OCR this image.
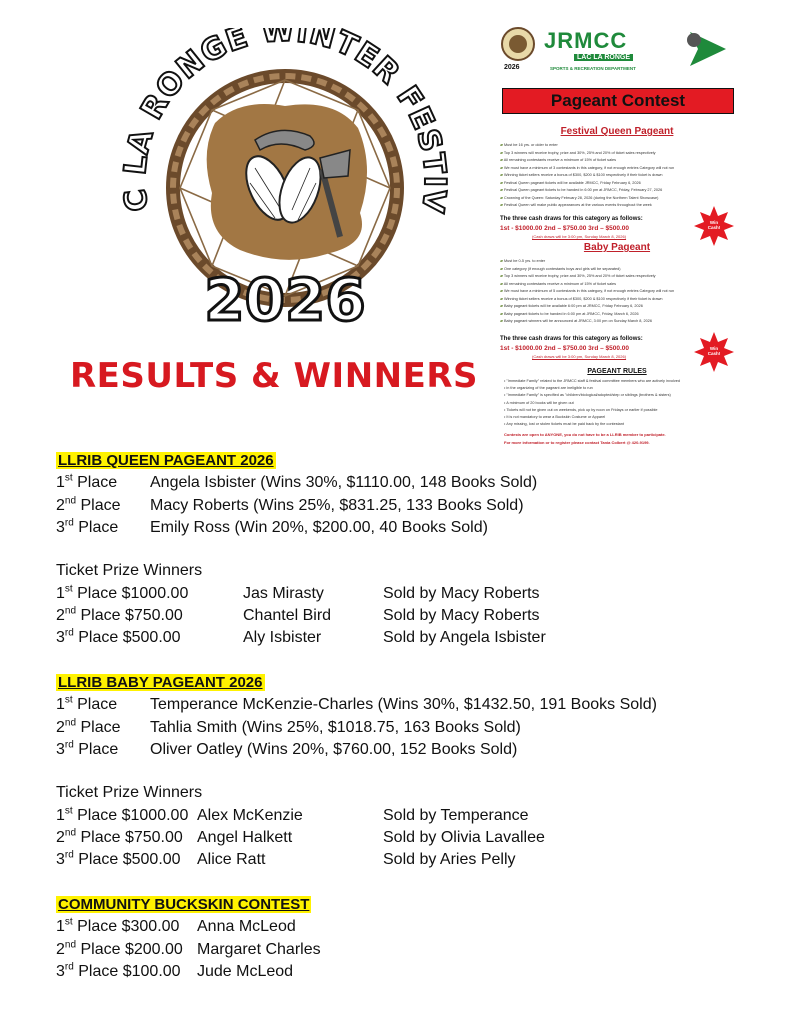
C LA RONGE WINTER FESTIV
2026
RESULTS & WINNERS
2026
JRMCC
LAC LA RONGE
SPORTS & RECREATION DEPARTMENT
Pageant Contest
Festival Queen Pageant
▰ Must be 16 yrs. or older to enter
▰ Top 3 winners will receive trophy, prize and 30%, 25% and 20% of ticket sales respectively
▰ All remaining contestants receive a minimum of 15% of ticket sales
▰ We must have a minimum of 3 contestants in this category, if not enough entries Category will not run
▰ Winning ticket sellers receive a bonus of $300, $200 & $100 respectively if their ticket is drawn
▰ Festival Queen pageant tickets will be available JRMCC, Friday February 6, 2026
▰ Festival Queen pageant tickets to be handed in 6:00 pm at JRMCC, Friday, February 27, 2026
▰ Crowning of the Queen: Saturday February 28, 2026 (during the Northern Talent Showcase)
▰ Festival Queen will make public appearances at the various events throughout the week
The three cash draws for this category as follows:
1st - $1000.00 2nd – $750.00 3rd – $500.00
(Cash draws will be 3:00 pm, Sunday March 8, 2026)
Win Cash!
Baby Pageant
▰ Must be 0-5 yrs. to enter
▰ One category (if enough contestants boys and girls will be separated)
▰ Top 3 winners will receive trophy, prize and 30%, 25% and 20% of ticket sales respectively
▰ All remaining contestants receive a minimum of 15% of ticket sales
▰ We must have a minimum of 5 contestants in this category, if not enough entries Category will not run
▰ Winning ticket sellers receive a bonus of $300, $200 & $100 respectively if their ticket is drawn
▰ Baby pageant tickets will be available 6:00 pm at JRMCC, Friday February 6, 2026
▰ Baby pageant tickets to be handed in 6:00 pm at JRMCC, Friday, March 6, 2026
▰ Baby pageant winners will be announced at JRMCC, 3:00 pm on Sunday March 8, 2026
The three cash draws for this category as follows:
1st - $1000.00 2nd – $750.00 3rd – $500.00
(Cash draws will be 3:00 pm, Sunday March 8, 2026)
Win Cash!
PAGEANT RULES
• "Immediate Family" related to the JRMCC staff & festival committee members who are actively involved
• in the organizing of the pageant are ineligible to run
• "Immediate Family" is specified as "children/biological/adopted/step or siblings (brothers & sisters)
• A minimum of 20 books will be given out
• Tickets will not be given out on weekends, pick up by noon on Fridays or earlier if possible
• It is not mandatory to wear a Buckskin Costume or Apparel
• Any missing, lost or stolen tickets must be paid back by the contestant
Contests are open to ANYONE, you do not have to be a LLRIB member to participate.
For more information or to register please contact Tania Colbert @ 420-9199.
LLRIB QUEEN PAGEANT 2026
1st Place Angela Isbister (Wins 30%, $1110.00, 148 Books Sold)
2nd Place Macy Roberts (Wins 25%, $831.25, 133 Books Sold)
3rd Place Emily Ross (Win 20%, $200.00, 40 Books Sold)
Ticket Prize Winners
1st Place $1000.00	Jas Mirasty	Sold by Macy Roberts
2nd Place $750.00	Chantel Bird	Sold by Macy Roberts
3rd Place $500.00	Aly Isbister	Sold by Angela Isbister
LLRIB BABY PAGEANT 2026
1st Place Temperance McKenzie-Charles (Wins 30%, $1432.50, 191 Books Sold)
2nd Place Tahlia Smith (Wins 25%, $1018.75, 163 Books Sold)
3rd Place Oliver Oatley (Wins 20%, $760.00, 152 Books Sold)
Ticket Prize Winners
1st Place $1000.00 Alex McKenzie	Sold by Temperance
2nd Place $750.00 Angel Halkett	Sold by Olivia Lavallee
3rd Place $500.00 Alice Ratt	Sold by Aries Pelly
COMMUNITY BUCKSKIN CONTEST
1st Place $300.00 Anna McLeod
2nd Place $200.00 Margaret Charles
3rd Place $100.00 Jude McLeod
